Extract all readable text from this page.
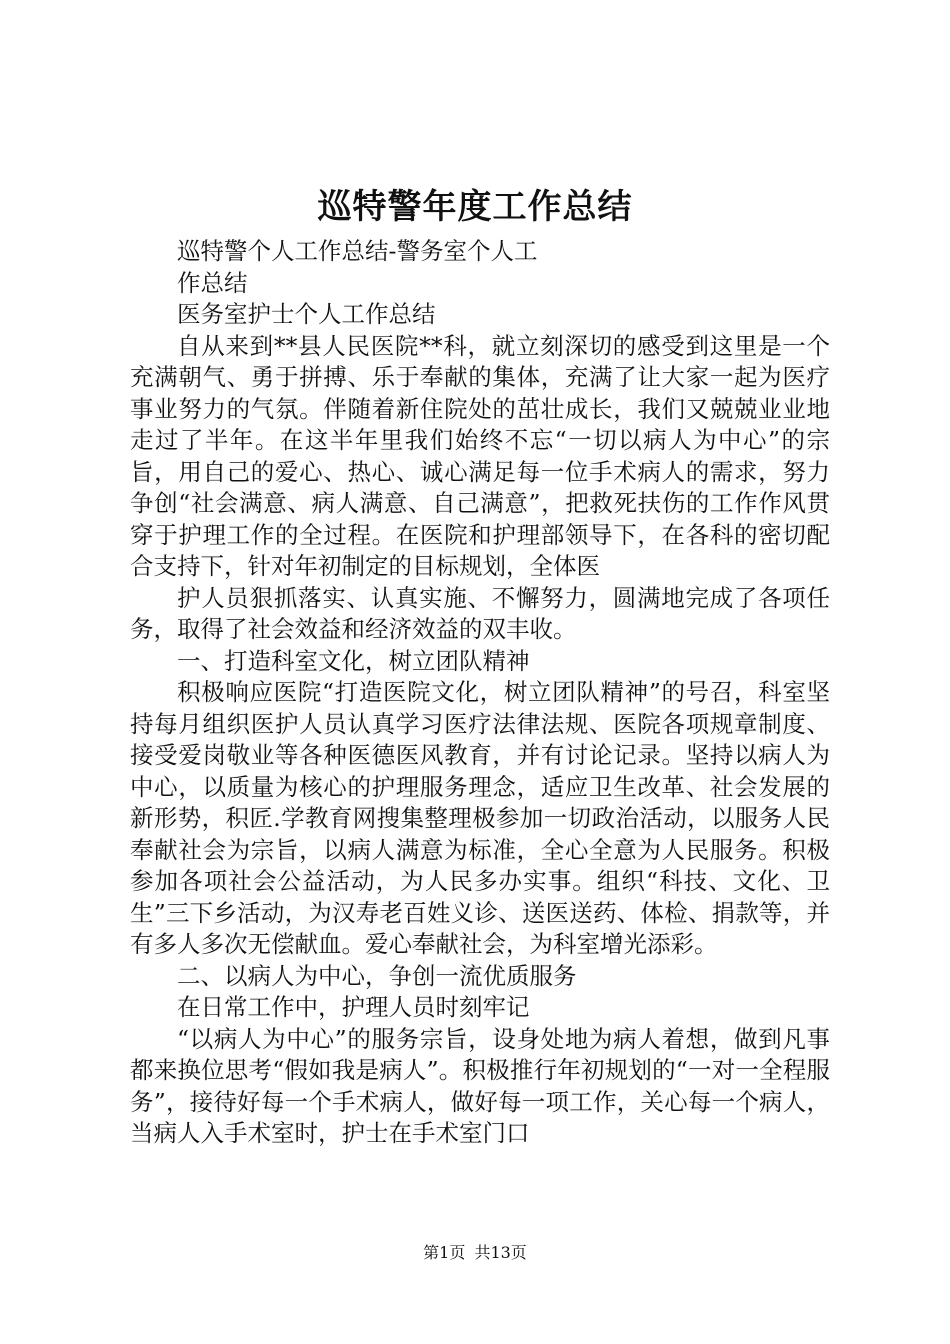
巡特警年度工作总结

巡特警个人工作总结-警务室个人工

作总结

医务室护士个人工作总结

自从来到**县人民医院**科，就立刻深切的感受到这里是一个充满朝气、勇于拼搏、乐于奉献的集体，充满了让大家一起为医疗事业努力的气氛。伴随着新住院处的茁壮成长，我们又兢兢业业地走过了半年。在这半年里我们始终不忘“一切以病人为中心”的宗旨，用自己的爱心、热心、诚心满足每一位手术病人的需求，努力争创“社会满意、病人满意、自己满意”，把救死扶伤的工作作风贯穿于护理工作的全过程。在医院和护理部领导下，在各科的密切配合支持下，针对年初制定的目标规划，全体医

护人员狠抓落实、认真实施、不懈努力，圆满地完成了各项任务，取得了社会效益和经济效益的双丰收。

一、打造科室文化，树立团队精神

积极响应医院“打造医院文化，树立团队精神”的号召，科室坚持每月组织医护人员认真学习医疗法律法规、医院各项规章制度、接受爱岗敬业等各种医德医风教育，并有讨论记录。坚持以病人为中心，以质量为核心的护理服务理念，适应卫生改革、社会发展的新形势，积匠.学教育网搜集整理极参加一切政治活动，以服务人民奉献社会为宗旨，以病人满意为标准，全心全意为人民服务。积极参加各项社会公益活动，为人民多办实事。组织“科技、文化、卫生”三下乡活动，为汉寿老百姓义诊、送医送药、体检、捐款等，并有多人多次无偿献血。爱心奉献社会，为科室增光添彩。

二、以病人为中心，争创一流优质服务

在日常工作中，护理人员时刻牢记

“以病人为中心”的服务宗旨，设身处地为病人着想，做到凡事都来换位思考“假如我是病人”。积极推行年初规划的“一对一全程服务”，接待好每一个手术病人，做好每一项工作，关心每一个病人，当病人入手术室时，护士在手术室门口

第1页 共13页
